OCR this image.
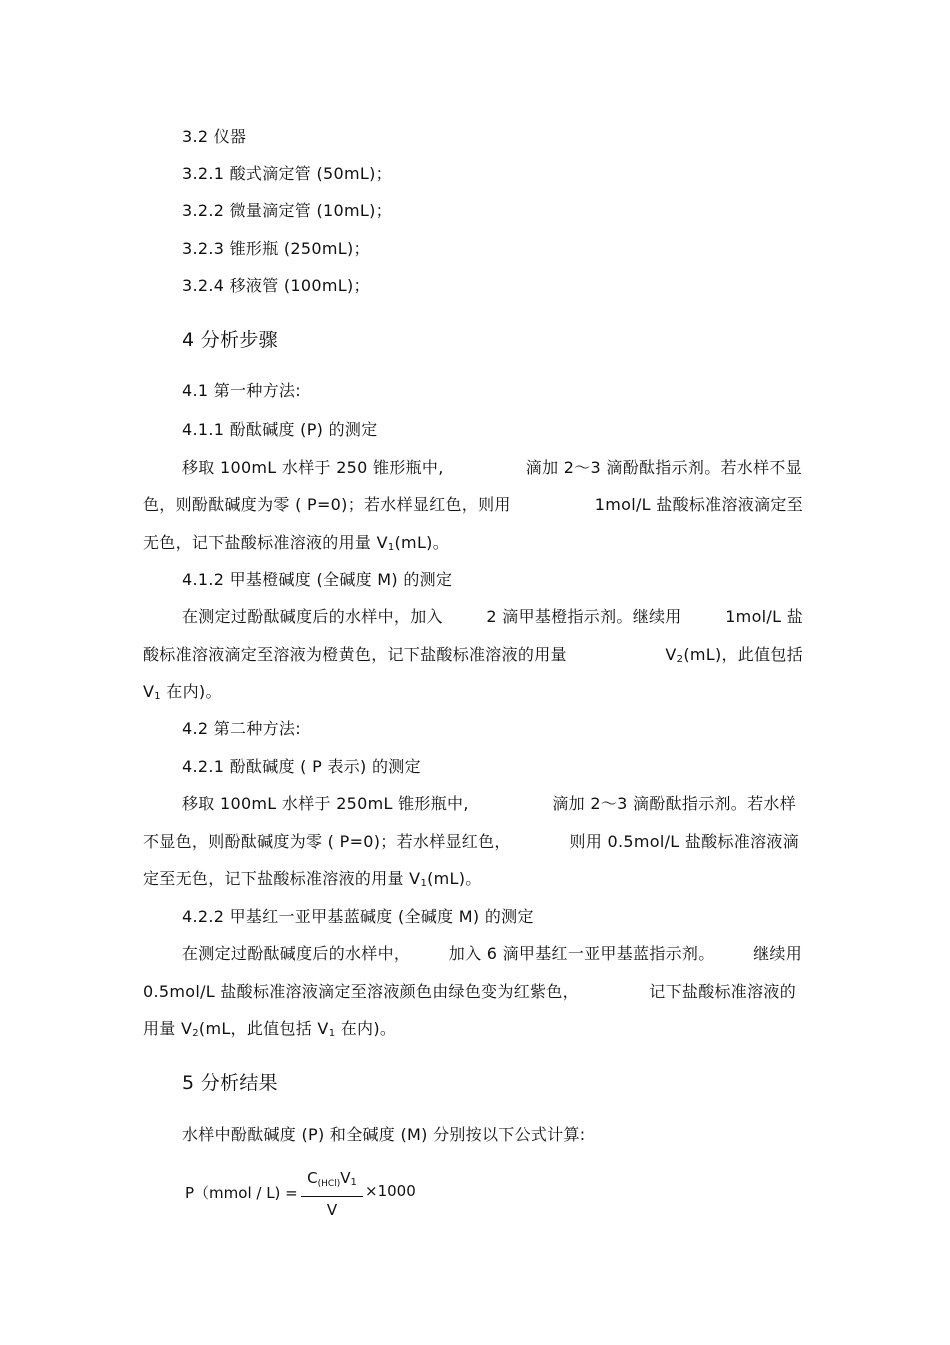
3.2 仪器
3.2.1 酸式滴定管 (50mL)；
3.2.2 微量滴定管 (10mL)；
3.2.3 锥形瓶 (250mL)；
3.2.4 移液管 (100mL)；
4 分析步骤
4.1 第一种方法:
4.1.1 酚酞碱度 (P) 的测定
移取 100mL 水样于 250 锥形瓶中,	滴加 2～3 滴酚酞指示剂。若水样不显
色，则酚酞碱度为零 ( P=0)；若水样显红色，则用	1mol/L 盐酸标准溶液滴定至
无色，记下盐酸标准溶液的用量 $V_1(mL)$。
4.1.2 甲基橙碱度 (全碱度 M) 的测定
在测定过酚酞碱度后的水样中，加入	2 滴甲基橙指示剂。继续用	1mol/L 盐
酸标准溶液滴定至溶液为橙黄色，记下盐酸标准溶液的用量	$V_2(mL)$，此值包括
$V_1$ 在内)。
4.2 第二种方法:
4.2.1 酚酞碱度 ( P 表示) 的测定
移取 100mL 水样于 250mL 锥形瓶中,	滴加 2～3 滴酚酞指示剂。若水样
不显色，则酚酞碱度为零 ( P=0)；若水样显红色，	则用 0.5mol/L 盐酸标准溶液滴
定至无色，记下盐酸标准溶液的用量 $V_1(mL)$。
4.2.2 甲基红一亚甲基蓝碱度 (全碱度 M) 的测定
在测定过酚酞碱度后的水样中， 加入 6 滴甲基红一亚甲基蓝指示剂。 继续用
0.5mol/L 盐酸标准溶液滴定至溶液颜色由绿色变为红紫色，	记下盐酸标准溶液的
用量 $V_2(mL$，此值包括 $V_1$ 在内)。
5 分析结果
水样中酚酞碱度 (P) 和全碱度 (M) 分别按以下公式计算:
P（mmol / L) =
$C_{(HCl)}V_1$
V
×1000
